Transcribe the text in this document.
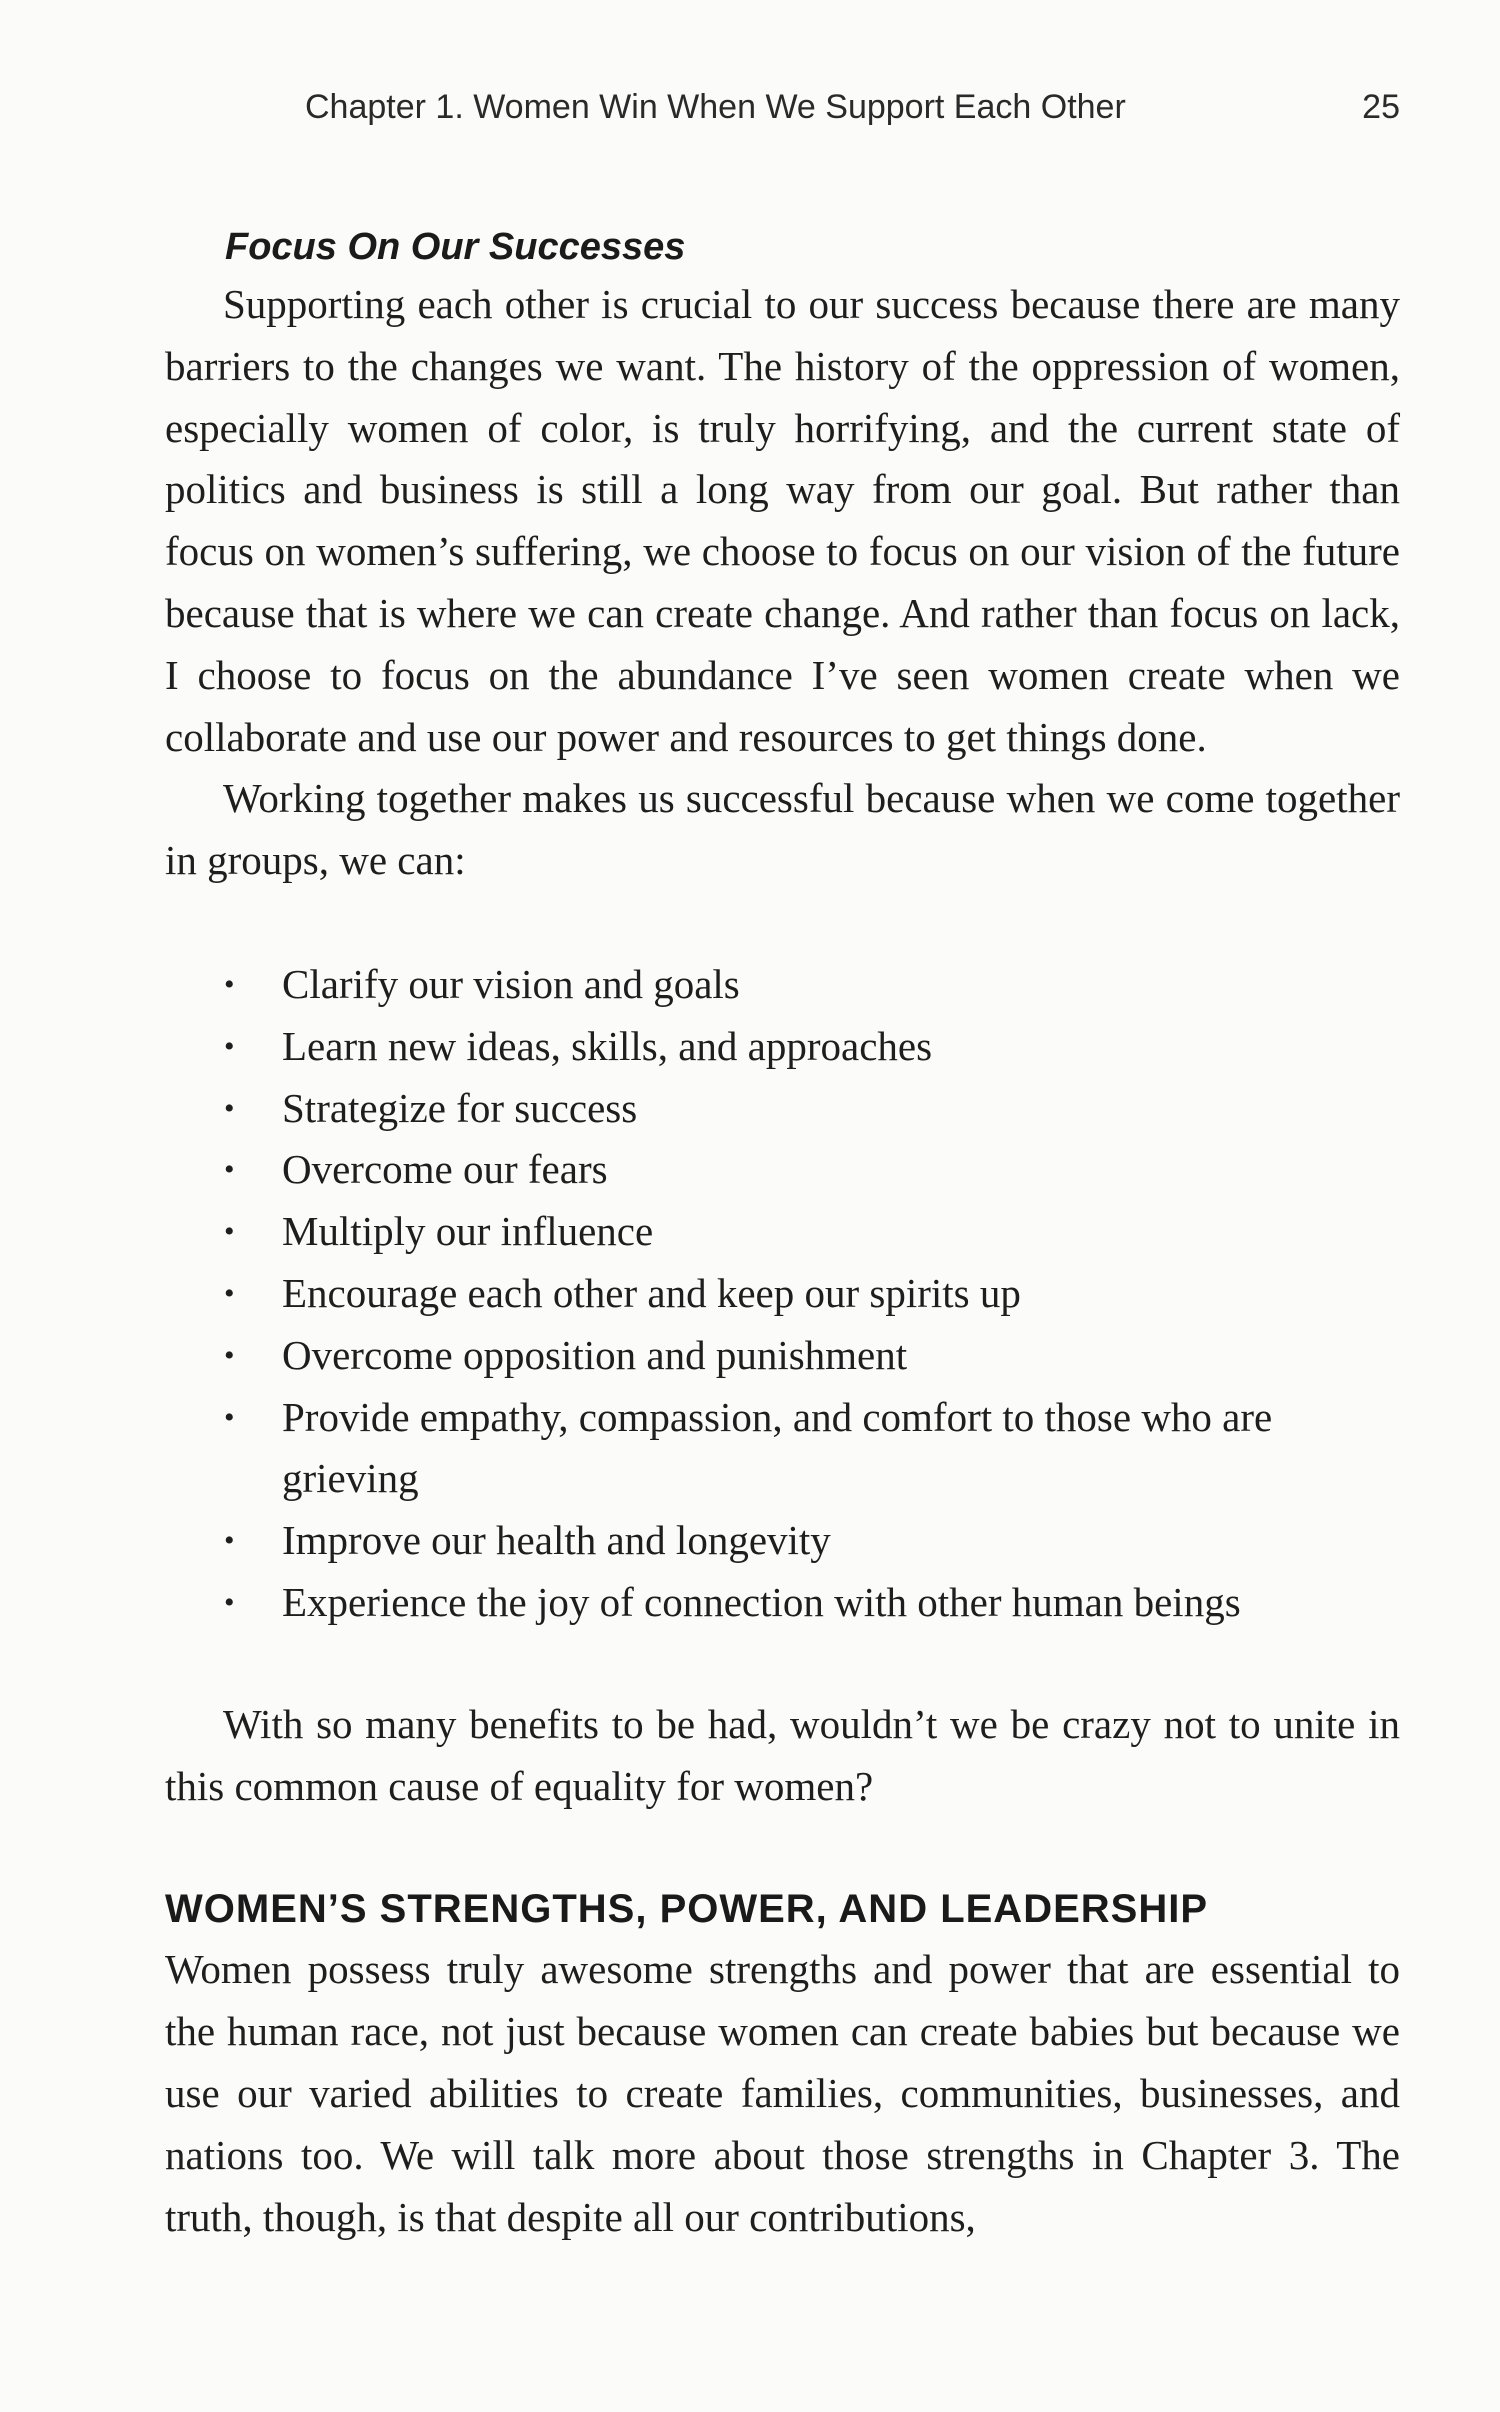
Chapter 1. Women Win When We Support Each Other	25
Focus On Our Successes

Supporting each other is crucial to our success because there are many barriers to the changes we want. The history of the oppression of women, especially women of color, is truly horrifying, and the current state of politics and business is still a long way from our goal. But rather than focus on women’s suffering, we choose to focus on our vision of the future because that is where we can create change. And rather than focus on lack, I choose to focus on the abundance I’ve seen women create when we collaborate and use our power and resources to get things done.

Working together makes us successful because when we come together in groups, we can:

• Clarify our vision and goals
• Learn new ideas, skills, and approaches
• Strategize for success
• Overcome our fears
• Multiply our influence
• Encourage each other and keep our spirits up
• Overcome opposition and punishment
• Provide empathy, compassion, and comfort to those who are grieving
• Improve our health and longevity
• Experience the joy of connection with other human beings

With so many benefits to be had, wouldn’t we be crazy not to unite in this common cause of equality for women?

WOMEN’S STRENGTHS, POWER, AND LEADERSHIP

Women possess truly awesome strengths and power that are essential to the human race, not just because women can create babies but because we use our varied abilities to create families, communities, businesses, and nations too. We will talk more about those strengths in Chapter 3. The truth, though, is that despite all our contributions,
